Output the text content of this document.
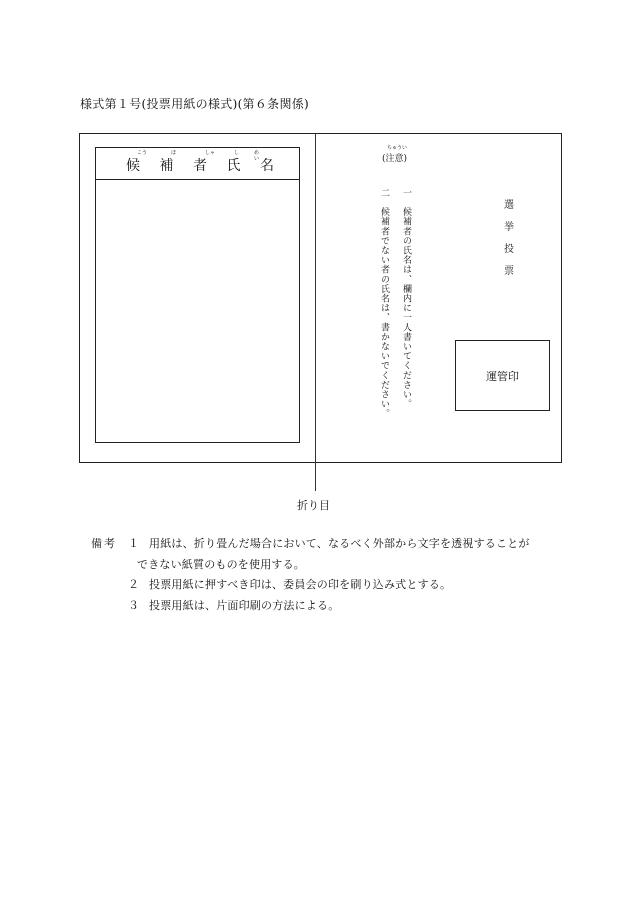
様式第１号(投票用紙の様式)(第６条関係)
折り目
こう	ほ	しゃ	し	めい
候 補 者 氏 名
ちゅうい
(注意)
一　候補者の氏名は、欄内に一人書いてください。
二　候補者でない者の氏名は、書かないでください。
選
挙
投
票
運管印
備考 １ 用紙は、折り畳んだ場合において、なるべく外部から文字を透視することが
できない紙質のものを使用する。
２ 投票用紙に押すべき印は、委員会の印を刷り込み式とする。
３ 投票用紙は、片面印刷の方法による。
